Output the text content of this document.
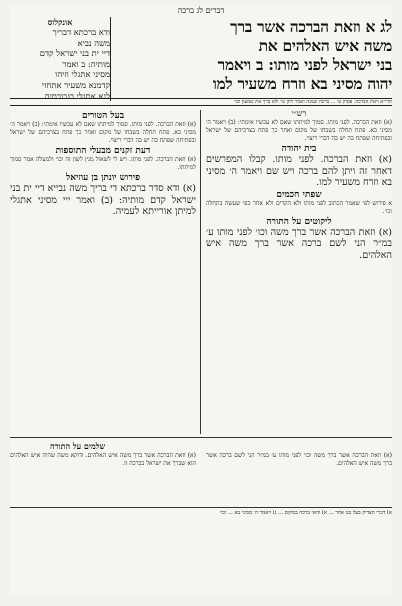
דברים לג ברכה
לג א וזאת הברכה אשר ברך
משה איש האלהים את
בני ישראל לפני מותו: ב ויאמר
יהוה מסיני בא וזרח משעיר למו
אונקלוס
ודא ברכתא דבריך
משה נביא
דיי ית בני ישראל קדם
מותיה: ב ואמר
מסיני אתגלי וזיהו
קדמנא משעיר אתחזי
לנא אתגלי בגבורתיה
תרי״א ויאת הברכה. פסוק ט׳ ... ברכה שמנה ואמר ויתן כו׳ ולא ברך את שמעון וכו׳
רש״י
(א) וזאת הברכה. לפני מותו. סמוך למיתתו שאם לא עכשיו אימתי: (ב) ויאמר ה׳ מסיני בא. פתח תחלה בשבחו של מקום ואחר כך פתח בצרכיהם של ישראל ובפתיחה שפתח בה יש בה דברי ריצוי.
בית יהודה
(א) וזאת הברכה. לפני מותו. קבלו המפרשים דאחר זה ויתן להם ברכה ויש שם ויאמר ה׳ מסיני בא וזרח משעיר למו.
שפתי חכמים
א פירוש לפי שאמר הכתוב לפני מותו ולא הקדים ולא אחר כפי שעשה בתחלה וכו׳.
ליקוטים על התורה
(א) וזאת הברכה אשר ברך משה וכו׳ לפני מותו ע׳ במ״ר הני לשם ברכה אשר ברך משה איש האלהים.
בעל הטורים
(א) וזאת הברכה. לפני מותו. סמוך למיתתו שאם לא עכשיו אימתי: (ב) ויאמר ה׳ מסיני בא. פתח תחלה בשבחו של מקום ואחר כך פתח בצרכיהם של ישראל ובפתיחה שפתח בה יש בה דברי ריצוי.
דעת זקנים מבעלי התוספות
(א) וזאת הברכה. לפני מותו. ויש לי לשאול מנין לשון זה וכו׳ ולמעלה אמר סמוך למיתתו.
פירוש יונתן בן עוזיאל
(א) ודא סדר ברכתא די בריך משה נבייא דיי ית בני ישראל קדם מותיה: (ב) ואמר ייי מסיני אתגלי למיתן אורייתא לעמיה.
שלמים על התורה
(א) וזאת הברכה אשר ברך משה וכו׳ לפני מותו ע׳ במ״ר הני לשם ברכה אשר ברך משה איש האלהים.
(א) וזאת הברכה אשר ברך משה איש האלהים. ודוקא משה שהיה איש האלהים הוא שברך את ישראל בברכה זו.
א) דברי הצדיק בעל בנו אחר ... א) והאי ברכה במקום ... ג) ויאמר ה׳ מסיני בא ... וכו׳
